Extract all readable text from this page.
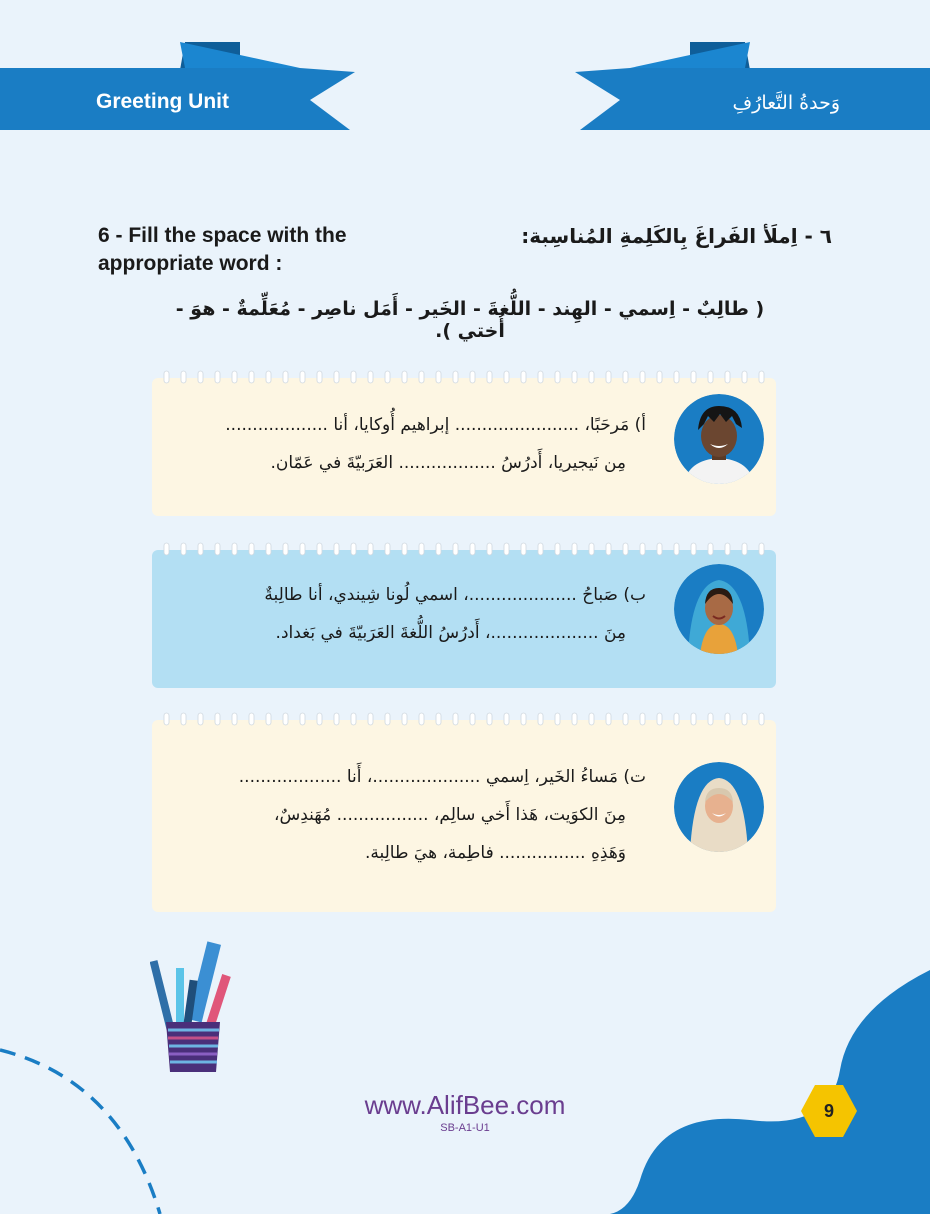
Greeting Unit	وَحدةُ التَّعارُفِ
6 - Fill the space with the appropriate word :
٦ - اِملَأ الفَراغَ بِالكَلِمةِ المُناسِبة:
( طالِبٌ - اِسمي - الهِند - اللُّغةَ - الخَير - أَمَل ناصِر - مُعَلِّمةٌ - هوَ - أُختي ).
أ) مَرحَبًا، ....................... إبراهيم أُوكايا، أنا ...................
مِن نَيجيريا، أَدرُسُ .................. العَرَبيّةَ في عَمّان.
ب) صَباحُ ....................، اسمي لُونا شِيندي، أنا طالِبةٌ
مِنَ ....................، أَدرُسُ اللُّغةَ العَرَبيّةَ في بَغداد.
ت) مَساءُ الخَير، اِسمي ....................، أَنا ...................
مِنَ الكوَيت، هَذا أَخي سالِم، ................. مُهَندِسٌ،
وَهَذِهِ ................ فاطِمة، هيَ طالِبة.
www.AlifBee.com
SB-A1-U1
9
